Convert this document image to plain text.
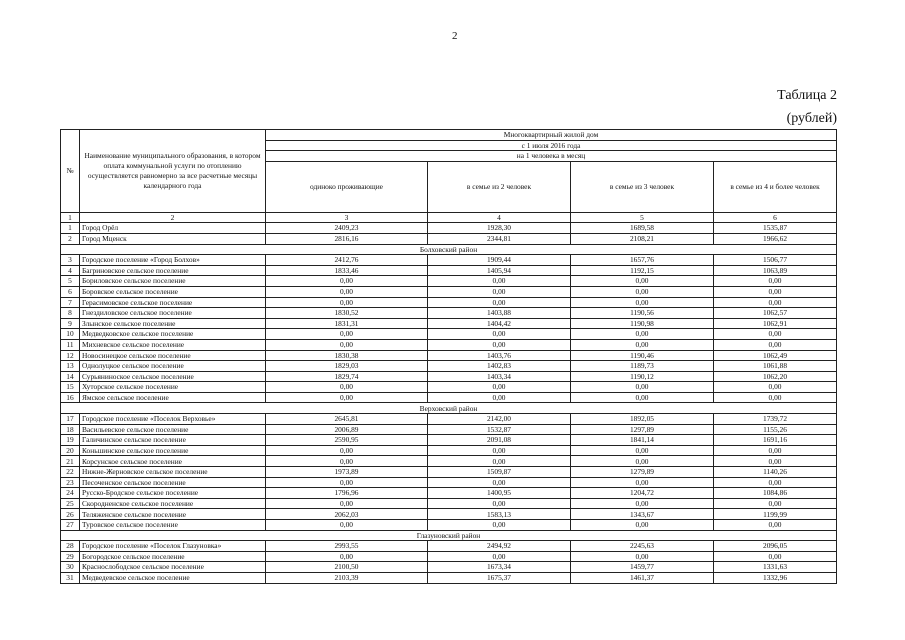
2
Таблица 2
(рублей)
№	Наименование муниципального образования, в котором оплата коммунальной услуги по отоплению осуществляется равномерно за все расчетные месяцы календарного года	Многоквартирный жилой дом			
		с 1 июля 2016 года			
		на 1 человека в месяц			
		одиноко проживающие	в семье из 2 человек	в семье из 3 человек	в семье из 4 и более человек
1	2	3	4	5	6
1	Город Орёл	2409,23	1928,30	1689,58	1535,87
2	Город Мценск	2816,16	2344,81	2108,21	1966,62
Болховский район					
3	Городское поселение «Город Болхов»	2412,76	1909,44	1657,76	1506,77
4	Багриновское сельское поселение	1833,46	1405,94	1192,15	1063,89
5	Бориловское сельское поселение	0,00	0,00	0,00	0,00
6	Боровское сельское поселение	0,00	0,00	0,00	0,00
7	Герасимовское сельское поселение	0,00	0,00	0,00	0,00
8	Гнездиловское сельское поселение	1830,52	1403,88	1190,56	1062,57
9	Злынское сельское поселение	1831,31	1404,42	1190,98	1062,91
10	Медведковское сельское поселение	0,00	0,00	0,00	0,00
11	Михневское сельское поселение	0,00	0,00	0,00	0,00
12	Новосинецкое сельское поселение	1830,38	1403,76	1190,46	1062,49
13	Однолуцкое сельское поселение	1829,03	1402,83	1189,73	1061,88
14	Сурьяниноское сельское поселение	1829,74	1403,34	1190,12	1062,20
15	Хуторское сельское поселение	0,00	0,00	0,00	0,00
16	Ямское сельское поселение	0,00	0,00	0,00	0,00
Верховский район					
17	Городское поселение «Поселок Верховье»	2645,81	2142,00	1892,05	1739,72
18	Васильевское сельское поселение	2006,89	1532,87	1297,89	1155,26
19	Галичинское сельское поселение	2590,95	2091,08	1841,14	1691,16
20	Коньшинское сельское поселение	0,00	0,00	0,00	0,00
21	Корсунское сельское поселение	0,00	0,00	0,00	0,00
22	Нижне-Жерновское сельское поселение	1973,89	1509,87	1279,89	1140,26
23	Песоченское сельское поселение	0,00	0,00	0,00	0,00
24	Русско-Бродское сельское поселение	1796,96	1400,95	1204,72	1084,86
25	Скородненское сельское поселение	0,00	0,00	0,00	0,00
26	Теляженское сельское поселение	2062,03	1583,13	1343,67	1199,99
27	Туровское сельское поселение	0,00	0,00	0,00	0,00
Глазуновский район					
28	Городское поселение «Поселок Глазуновка»	2993,55	2494,92	2245,63	2096,05
29	Богородское сельское поселение	0,00	0,00	0,00	0,00
30	Краснослободское сельское поселение	2100,50	1673,34	1459,77	1331,63
31	Медведевское сельское поселение	2103,39	1675,37	1461,37	1332,96
